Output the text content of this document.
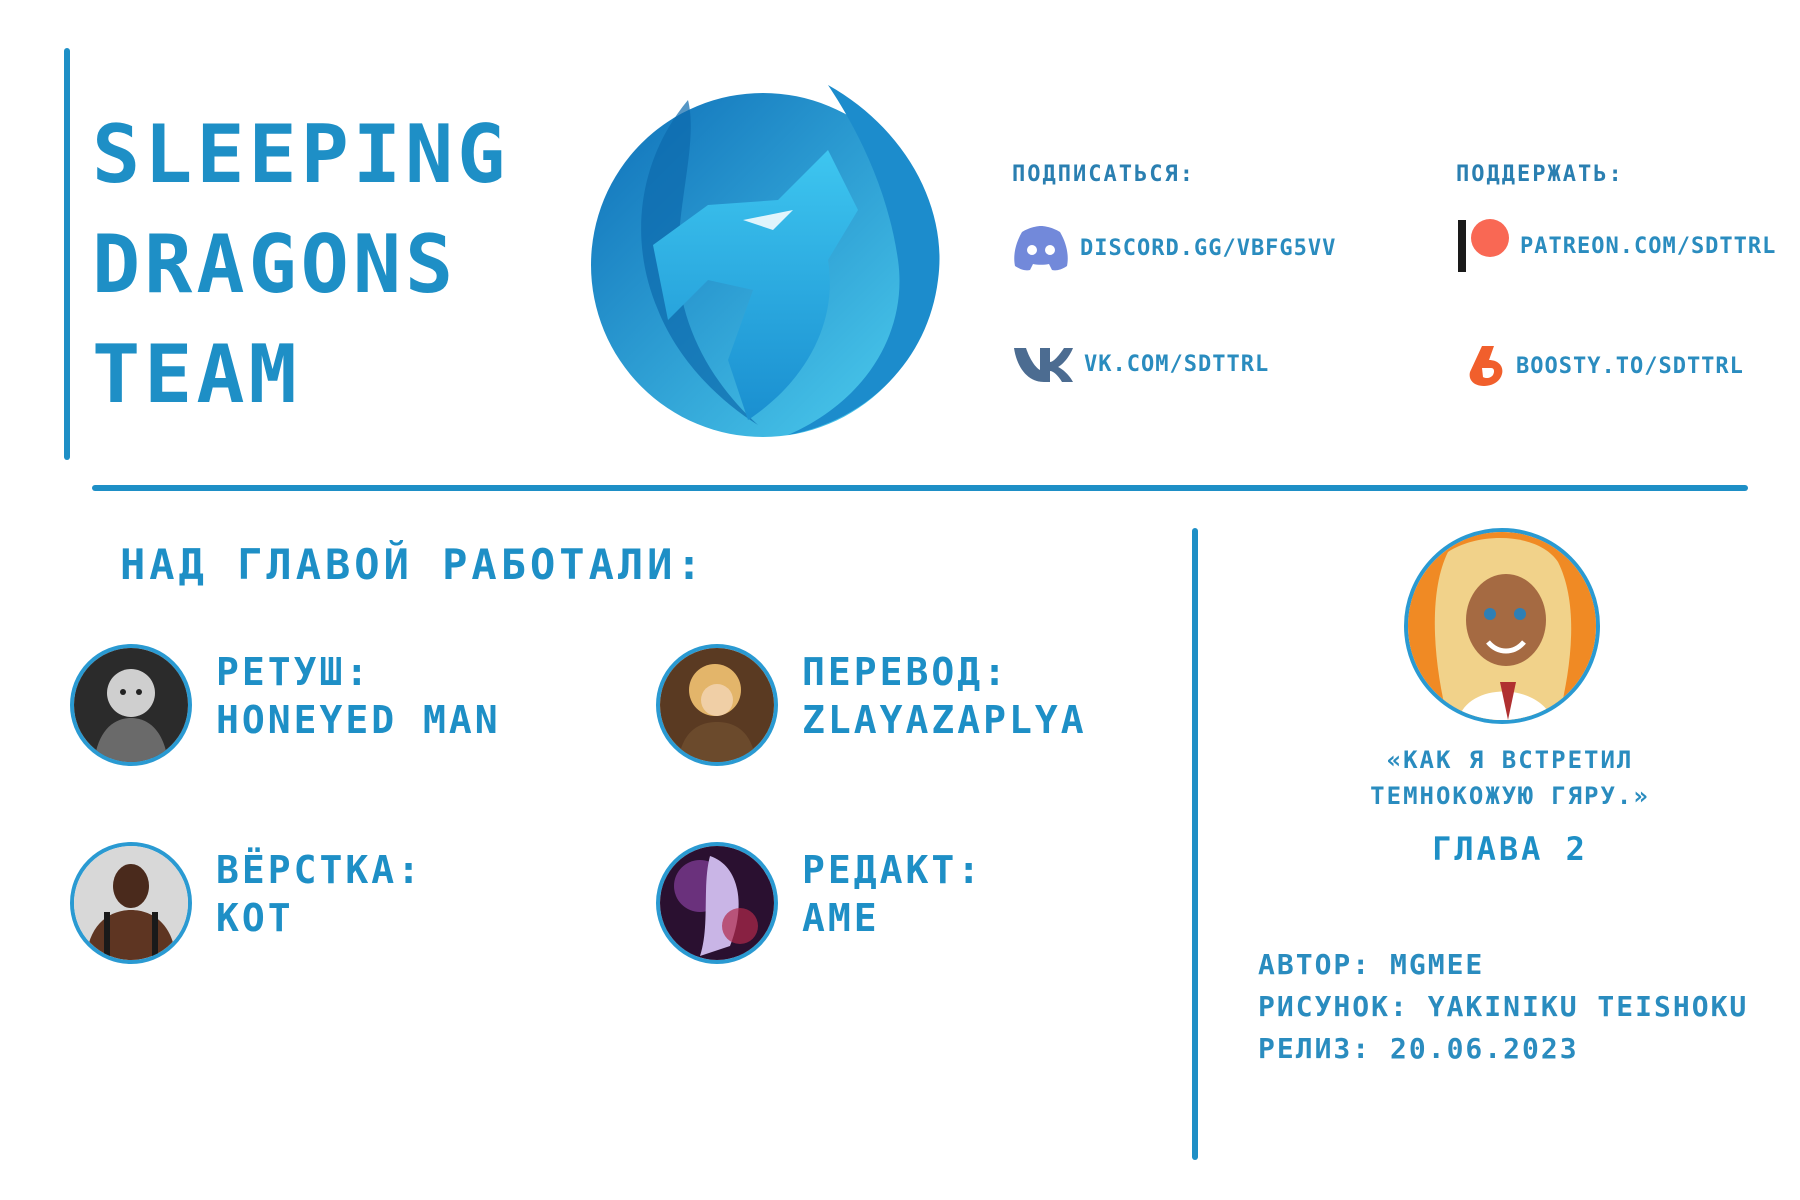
SLEEPING
DRAGONS
TEAM
ПОДПИСАТЬСЯ:
DISCORD.GG/VBFG5VV
VK.COM/SDTTRL
ПОДДЕРЖАТЬ:
PATREON.COM/SDTTRL
BOOSTY.TO/SDTTRL
НАД ГЛАВОЙ РАБОТАЛИ:
РЕТУШ:
HONEYED MAN
ПЕРЕВОД:
ZLAYAZAPLYA
ВЁРСТКА:
КОТ
РЕДАКТ:
AME
«КАК Я ВСТРЕТИЛ
ТЕМНОКОЖУЮ ГЯРУ.»
ГЛАВА 2
АВТОР: MGMEE
РИСУНОК: YAKINIKU TEISHOKU
РЕЛИЗ: 20.06.2023
